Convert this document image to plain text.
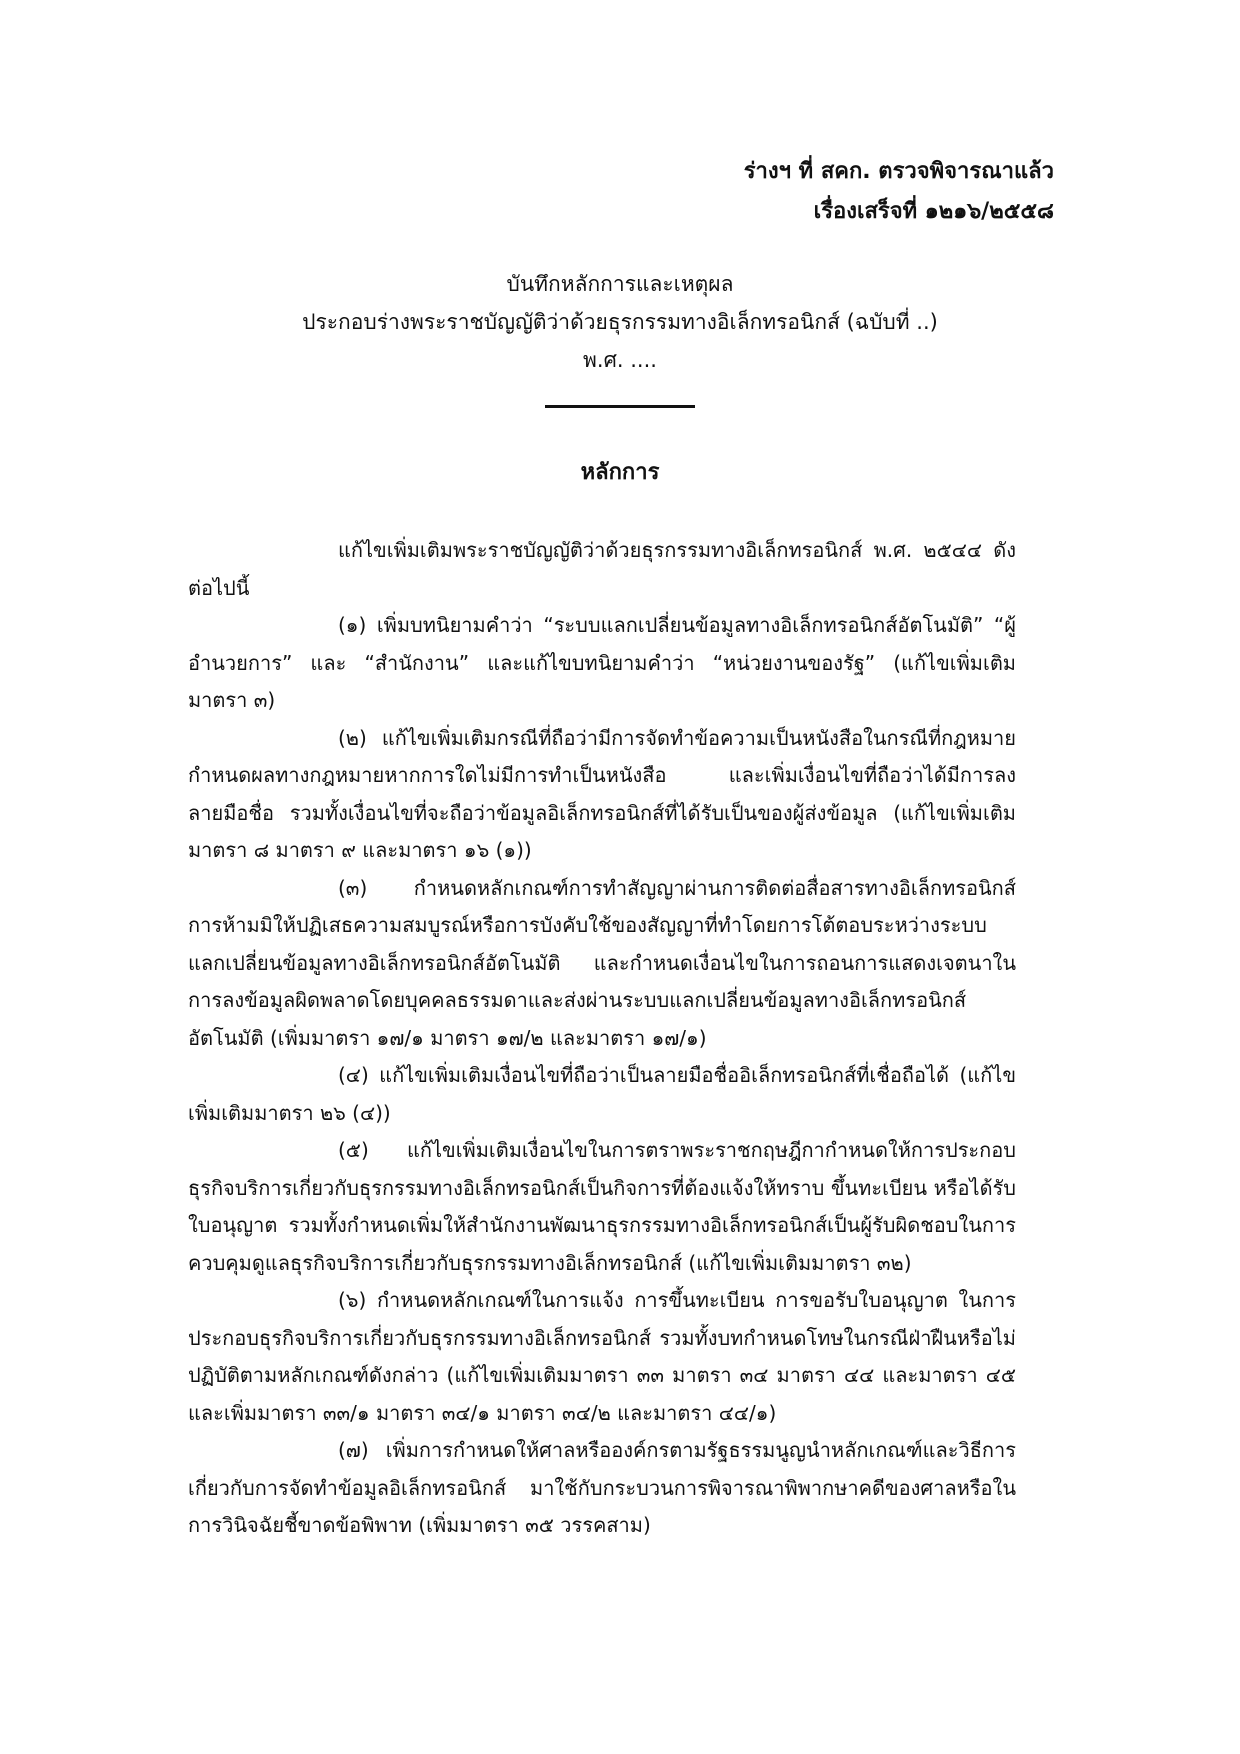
ร่างฯ ที่ สคก. ตรวจพิจารณาแล้ว
เรื่องเสร็จที่ ๑๒๑๖/๒๕๕๘
บันทึกหลักการและเหตุผล
ประกอบร่างพระราชบัญญัติว่าด้วยธุรกรรมทางอิเล็กทรอนิกส์ (ฉบับที่ ..)
พ.ศ. ....
หลักการ

แก้ไขเพิ่มเติมพระราชบัญญัติว่าด้วยธุรกรรมทางอิเล็กทรอนิกส์ พ.ศ. ๒๕๔๔ ดังต่อไปนี้

(๑) เพิ่มบทนิยามคำว่า “ระบบแลกเปลี่ยนข้อมูลทางอิเล็กทรอนิกส์อัตโนมัติ” “ผู้อำนวยการ” และ “สำนักงาน” และแก้ไขบทนิยามคำว่า “หน่วยงานของรัฐ” (แก้ไขเพิ่มเติมมาตรา ๓)

(๒) แก้ไขเพิ่มเติมกรณีที่ถือว่ามีการจัดทำข้อความเป็นหนังสือในกรณีที่กฎหมายกำหนดผลทางกฎหมายหากการใดไม่มีการทำเป็นหนังสือ และเพิ่มเงื่อนไขที่ถือว่าได้มีการลงลายมือชื่อ รวมทั้งเงื่อนไขที่จะถือว่าข้อมูลอิเล็กทรอนิกส์ที่ได้รับเป็นของผู้ส่งข้อมูล (แก้ไขเพิ่มเติมมาตรา ๘ มาตรา ๙ และมาตรา ๑๖ (๑))

(๓) กำหนดหลักเกณฑ์การทำสัญญาผ่านการติดต่อสื่อสารทางอิเล็กทรอนิกส์ การห้ามมิให้ปฏิเสธความสมบูรณ์หรือการบังคับใช้ของสัญญาที่ทำโดยการโต้ตอบระหว่างระบบแลกเปลี่ยนข้อมูลทางอิเล็กทรอนิกส์อัตโนมัติ และกำหนดเงื่อนไขในการถอนการแสดงเจตนาในการลงข้อมูลผิดพลาดโดยบุคคลธรรมดาและส่งผ่านระบบแลกเปลี่ยนข้อมูลทางอิเล็กทรอนิกส์อัตโนมัติ (เพิ่มมาตรา ๑๗/๑ มาตรา ๑๗/๒ และมาตรา ๑๗/๑)

(๔) แก้ไขเพิ่มเติมเงื่อนไขที่ถือว่าเป็นลายมือชื่ออิเล็กทรอนิกส์ที่เชื่อถือได้ (แก้ไขเพิ่มเติมมาตรา ๒๖ (๔))

(๕) แก้ไขเพิ่มเติมเงื่อนไขในการตราพระราชกฤษฎีกากำหนดให้การประกอบธุรกิจบริการเกี่ยวกับธุรกรรมทางอิเล็กทรอนิกส์เป็นกิจการที่ต้องแจ้งให้ทราบ ขึ้นทะเบียน หรือได้รับใบอนุญาต รวมทั้งกำหนดเพิ่มให้สำนักงานพัฒนาธุรกรรมทางอิเล็กทรอนิกส์เป็นผู้รับผิดชอบในการควบคุมดูแลธุรกิจบริการเกี่ยวกับธุรกรรมทางอิเล็กทรอนิกส์ (แก้ไขเพิ่มเติมมาตรา ๓๒)

(๖) กำหนดหลักเกณฑ์ในการแจ้ง การขึ้นทะเบียน การขอรับใบอนุญาต ในการประกอบธุรกิจบริการเกี่ยวกับธุรกรรมทางอิเล็กทรอนิกส์ รวมทั้งบทกำหนดโทษในกรณีฝ่าฝืนหรือไม่ปฏิบัติตามหลักเกณฑ์ดังกล่าว (แก้ไขเพิ่มเติมมาตรา ๓๓ มาตรา ๓๔ มาตรา ๔๔ และมาตรา ๔๕ และเพิ่มมาตรา ๓๓/๑ มาตรา ๓๔/๑ มาตรา ๓๔/๒ และมาตรา ๔๔/๑)

(๗) เพิ่มการกำหนดให้ศาลหรือองค์กรตามรัฐธรรมนูญนำหลักเกณฑ์และวิธีการเกี่ยวกับการจัดทำข้อมูลอิเล็กทรอนิกส์ มาใช้กับกระบวนการพิจารณาพิพากษาคดีของศาลหรือในการวินิจฉัยชี้ขาดข้อพิพาท (เพิ่มมาตรา ๓๕ วรรคสาม)
